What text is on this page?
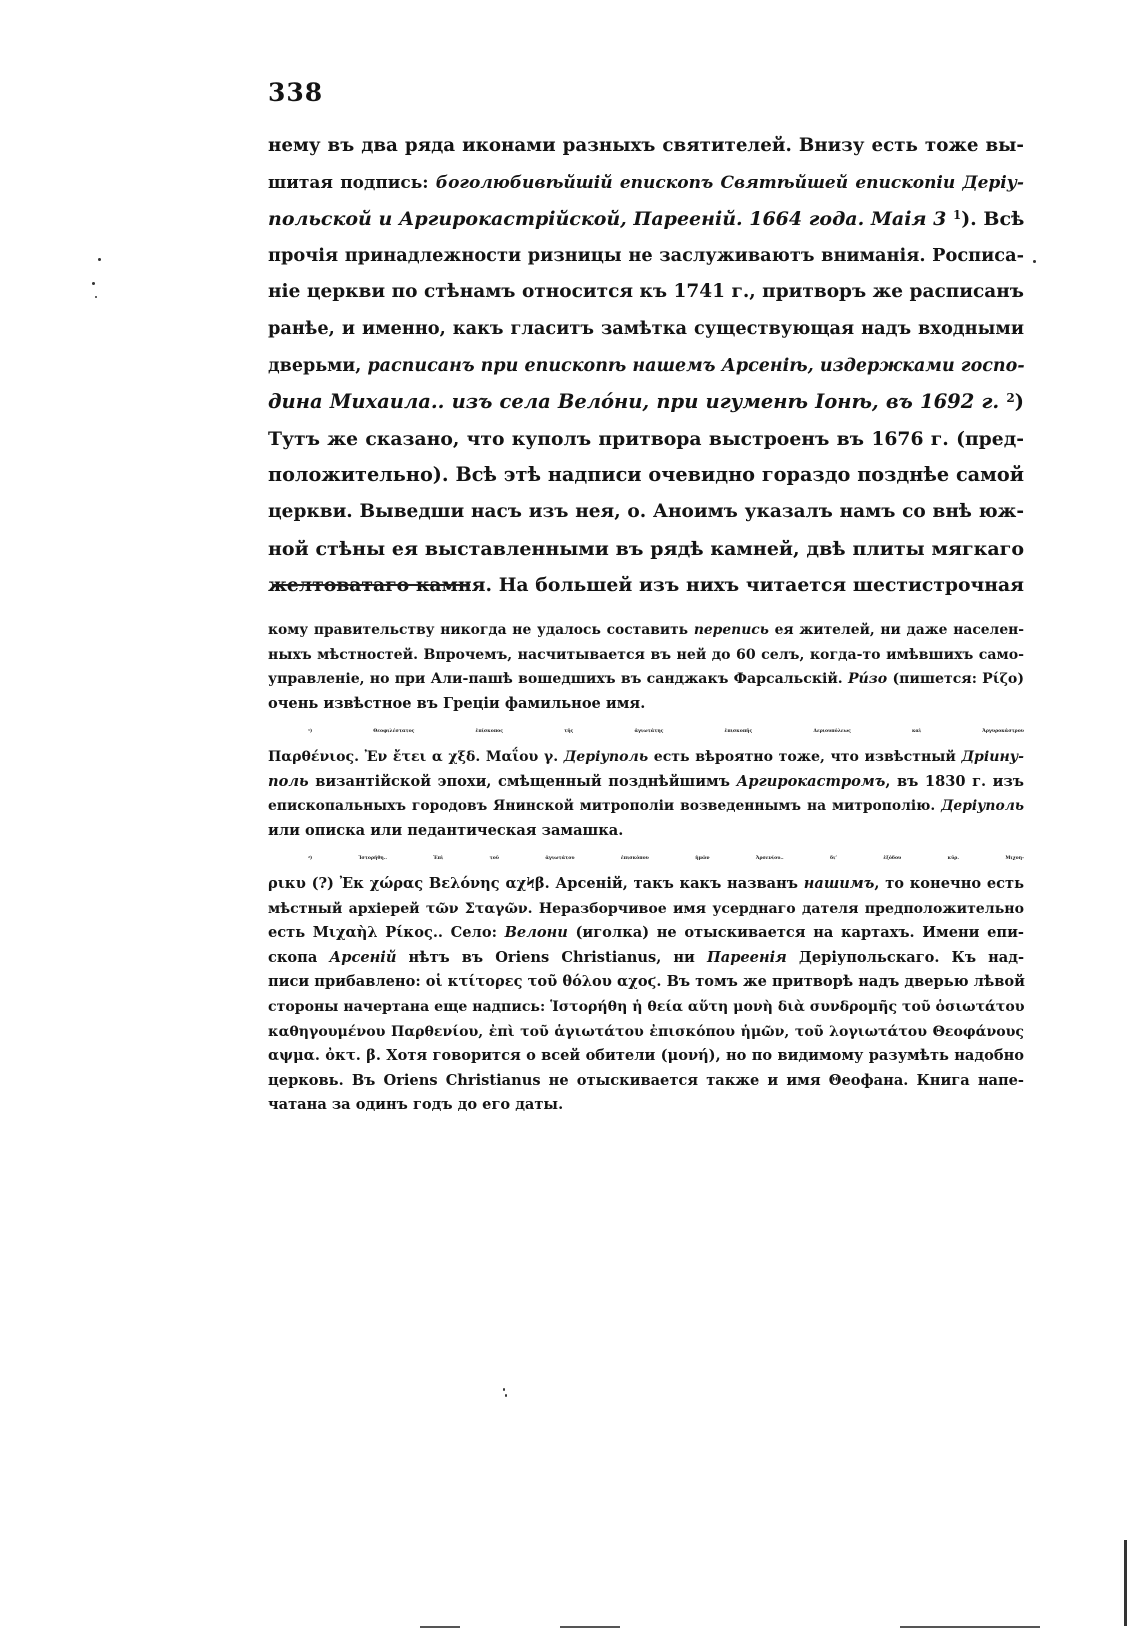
338
нему въ два ряда иконами разныхъ святителей. Внизу есть тоже вы-
шитая подпись: боголюбивѣйшій епископъ Святѣйшей епископіи Деріу-
польской и Аргирокастрійской, Пареенiй. 1664 года. Маія 3 $^1$). Всѣ
прочія принадлежности ризницы не заслуживаютъ вниманія. Росписа-
ніе церкви по стѣнамъ относится къ 1741 г., притворъ же расписанъ
ранѣе, и именно, какъ гласитъ замѣтка существующая надъ входными
дверьми, расписанъ при епископѣ нашемъ Арсеніѣ, издержками госпо-
дина Михаила.. изъ села Велóни, при игуменѣ Іонѣ, въ 1692 г. $^2$)
Тутъ же сказано, что куполъ притвора выстроенъ въ 1676 г. (пред-
положительно). Всѣ этѣ надписи очевидно гораздо позднѣе самой
церкви. Выведши насъ изъ нея, о. Аноимъ указалъ намъ со внѣ юж-
ной стѣны ея выставленными въ рядѣ камней, двѣ плиты мягкаго
желтоватаго камня. На большей изъ нихъ читается шестистрочная
кому правительству никогда не удалось составить перепись ея жителей, ни даже населен-
ныхъ мѣстностей. Впрочемъ, насчитывается въ ней до 60 селъ, когда-то имѣвшихъ само-
управленіе, но при Али-пашѣ вошедшихъ въ санджакъ Фарсальскій. Рúзо (пишется: Ρίζο)
очень извѣстное въ Греціи фамильное имя.
$^1$) Θεοφιλέστατος ἐπίσκοπος τῆς ἁγιωτάτης ἐπισκοπῆς Δεριουπόλεως καὶ Ἀργυροκάστρου
Παρθένιος. Ἐν ἔτει α χξδ. Μαΐου γ. Деріуполь есть вѣроятно тоже, что извѣстный Дрiину-
поль византійской эпохи, смѣщенный позднѣйшимъ Аргирокастромъ, въ 1830 г. изъ
епископальныхъ городовъ Янинской митрополіи возведеннымъ на митрополію. Деріуполь
или описка или педантическая замашка.
$^2$) Ἱστορήθη.. Ἐπὶ τοῦ ἁγιωτάτου ἐπισκόπου ἡμῶν Ἀρσενίου.. διʼ ἐξόδου κῦρ. Μιχοη-
ρικυ (?) Ἐκ χώρας Βελόνης αχϞβ. Арсеній, такъ какъ названъ нашимъ, то конечно есть
мѣстный архіерей τῶν Σταγῶν. Неразборчивое имя усерднаго дателя предположительно
есть Μιχαὴλ Ρίκος.. Село: Велони (иголка) не отыскивается на картахъ. Имени епи-
скопа Арсеній нѣтъ въ Oriens Christianus, ни Пареенія Деріупольскаго. Къ над-
писи прибавлено: οἱ κτίτορες τοῦ θόλου αχοϛ. Въ томъ же притворѣ надъ дверью лѣвой
стороны начертана еще надпись: Ἱστορήθη ἡ θεία αὕτη μονὴ διὰ συνδρομῆς τοῦ ὁσιωτάτου
καθηγουμένου Παρθενίου, ἐπὶ τοῦ ἁγιωτάτου ἐπισκόπου ἡμῶν, τοῦ λογιωτάτου Θεοφάνους
αψμα. ὀκτ. β. Хотя говорится о всей обители (μονή), но по видимому разумѣть надобно
церковь. Въ Oriens Christianus не отыскивается также и имя Θеофана. Книга напе-
чатана за одинъ годъ до его даты.
